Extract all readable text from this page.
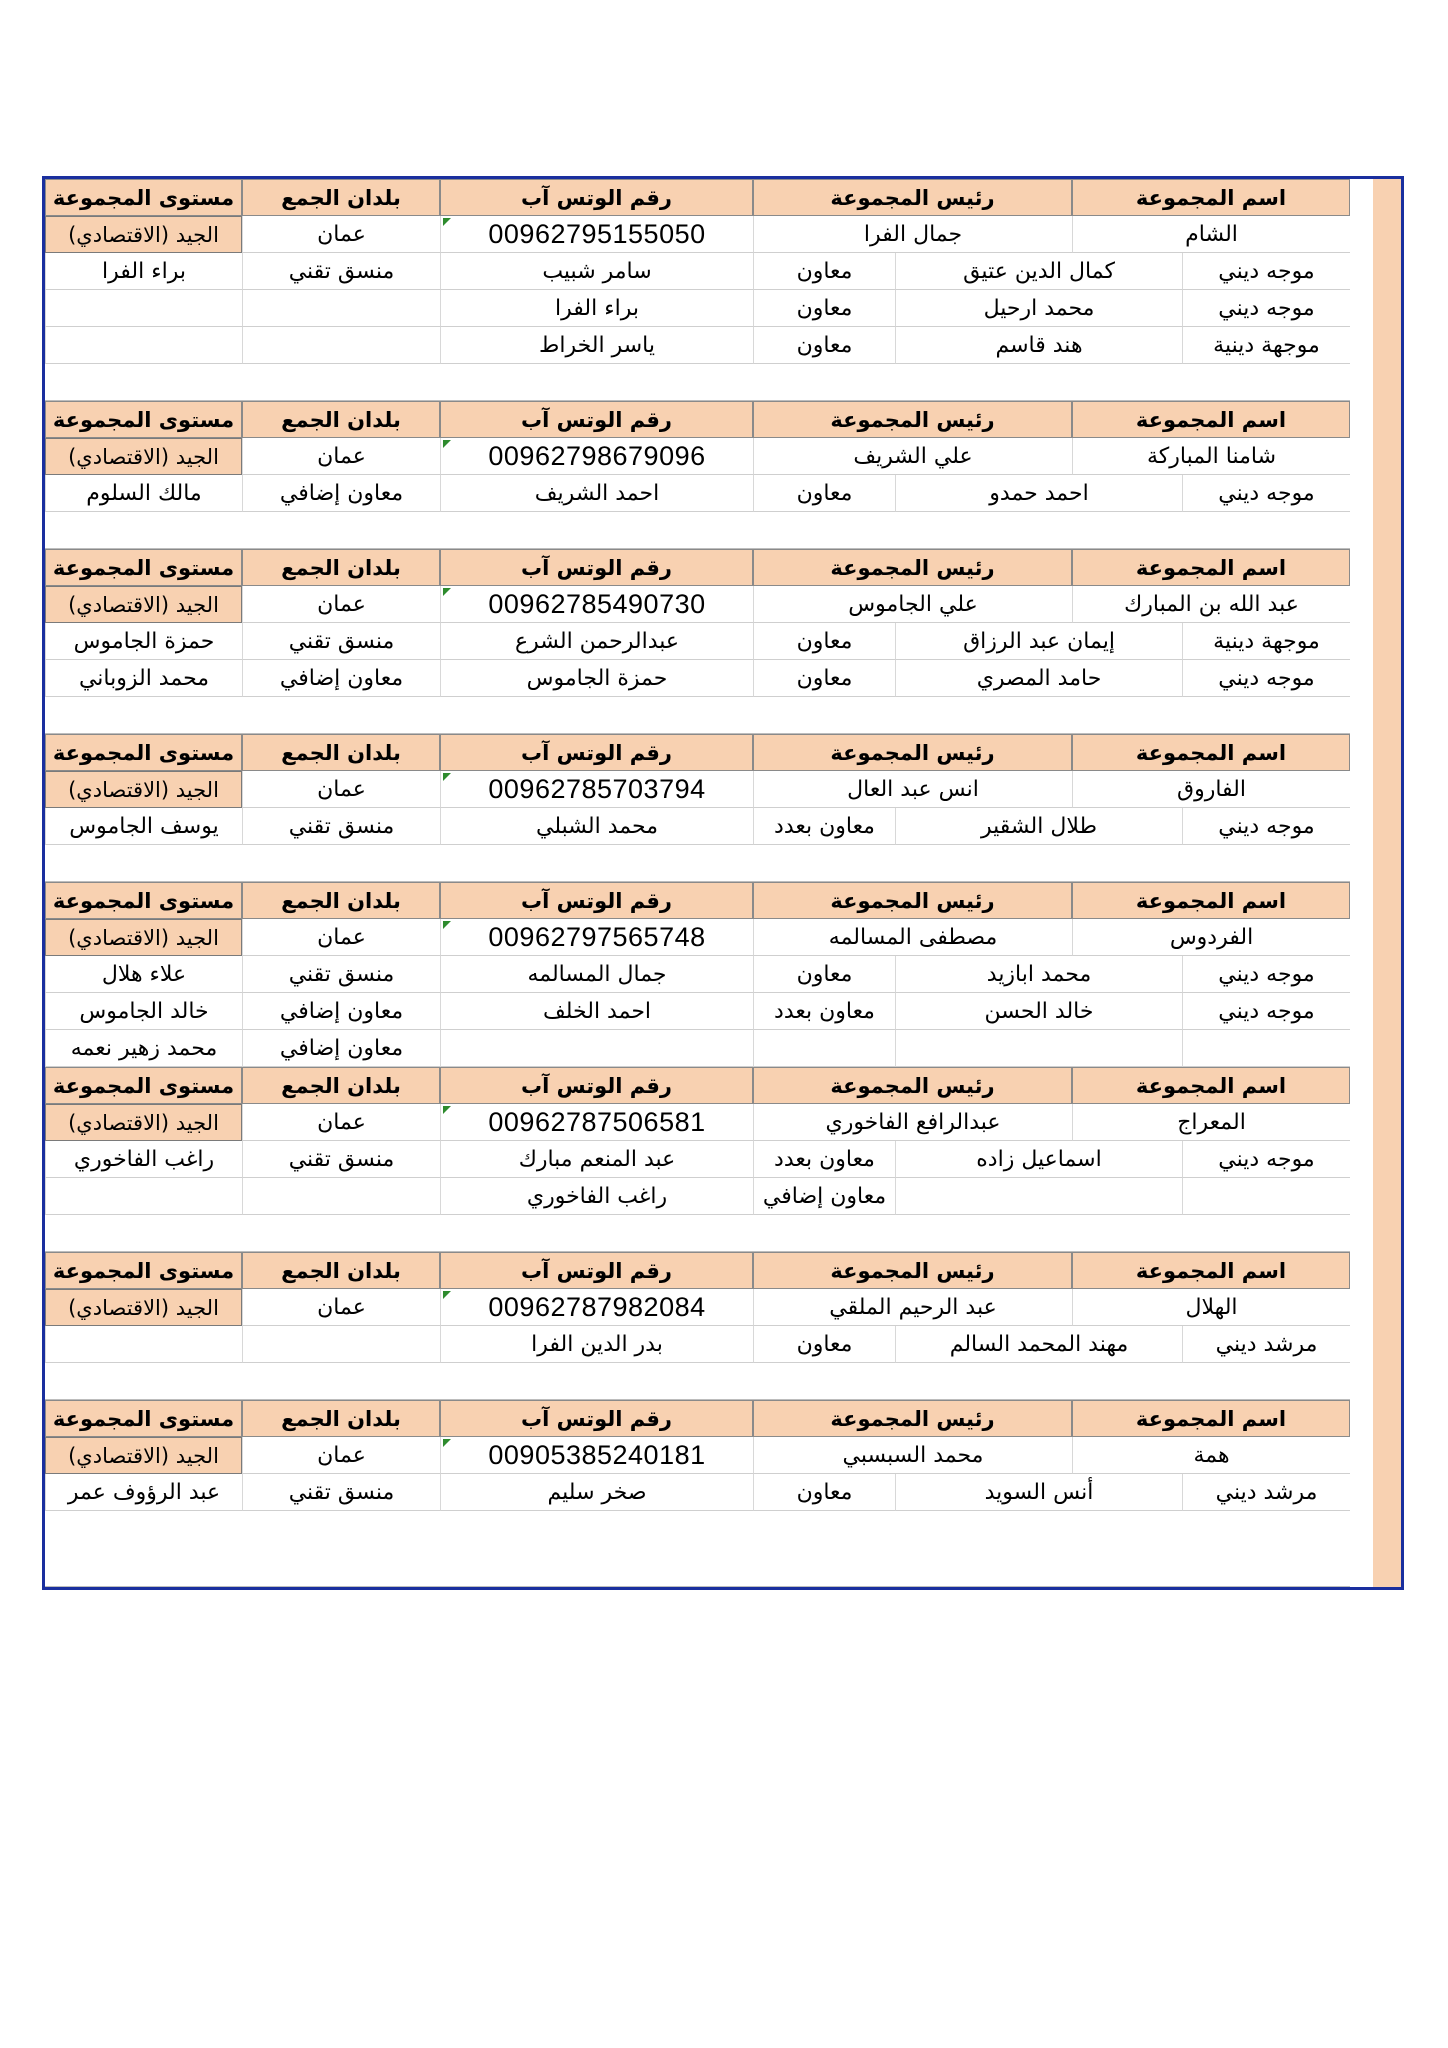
اسم المجموعة
رئيس المجموعة
رقم الوتس آب
بلدان الجمع
مستوى المجموعة
الشام
جمال الفرا
00962795155050
عمان
الجيد (الاقتصادي)
موجه ديني
كمال الدين عتيق
معاون
سامر شبيب
منسق تقني
براء الفرا
موجه ديني
محمد ارحيل
معاون
براء الفرا
موجهة دينية
هند قاسم
معاون
ياسر الخراط
اسم المجموعة
رئيس المجموعة
رقم الوتس آب
بلدان الجمع
مستوى المجموعة
شامنا المباركة
علي الشريف
00962798679096
عمان
الجيد (الاقتصادي)
موجه ديني
احمد حمدو
معاون
احمد الشريف
معاون إضافي
مالك السلوم
اسم المجموعة
رئيس المجموعة
رقم الوتس آب
بلدان الجمع
مستوى المجموعة
عبد الله بن المبارك
علي الجاموس
00962785490730
عمان
الجيد (الاقتصادي)
موجهة دينية
إيمان عبد الرزاق
معاون
عبدالرحمن الشرع
منسق تقني
حمزة الجاموس
موجه ديني
حامد المصري
معاون
حمزة الجاموس
معاون إضافي
محمد الزوباني
اسم المجموعة
رئيس المجموعة
رقم الوتس آب
بلدان الجمع
مستوى المجموعة
الفاروق
انس عبد العال
00962785703794
عمان
الجيد (الاقتصادي)
موجه ديني
طلال الشقير
معاون بعدد
محمد الشبلي
منسق تقني
يوسف الجاموس
اسم المجموعة
رئيس المجموعة
رقم الوتس آب
بلدان الجمع
مستوى المجموعة
الفردوس
مصطفى المسالمه
00962797565748
عمان
الجيد (الاقتصادي)
موجه ديني
محمد ابازيد
معاون
جمال المسالمه
منسق تقني
علاء هلال
موجه ديني
خالد الحسن
معاون بعدد
احمد الخلف
معاون إضافي
خالد الجاموس
معاون إضافي
محمد زهير نعمه
اسم المجموعة
رئيس المجموعة
رقم الوتس آب
بلدان الجمع
مستوى المجموعة
المعراج
عبدالرافع الفاخوري
00962787506581
عمان
الجيد (الاقتصادي)
موجه ديني
اسماعيل زاده
معاون بعدد
عبد المنعم مبارك
منسق تقني
راغب الفاخوري
معاون إضافي
راغب الفاخوري
اسم المجموعة
رئيس المجموعة
رقم الوتس آب
بلدان الجمع
مستوى المجموعة
الهلال
عبد الرحيم الملقي
00962787982084
عمان
الجيد (الاقتصادي)
مرشد ديني
مهند المحمد السالم
معاون
بدر الدين الفرا
اسم المجموعة
رئيس المجموعة
رقم الوتس آب
بلدان الجمع
مستوى المجموعة
همة
محمد السبسبي
00905385240181
عمان
الجيد (الاقتصادي)
مرشد ديني
أنس السويد
معاون
صخر سليم
منسق تقني
عبد الرؤوف عمر
